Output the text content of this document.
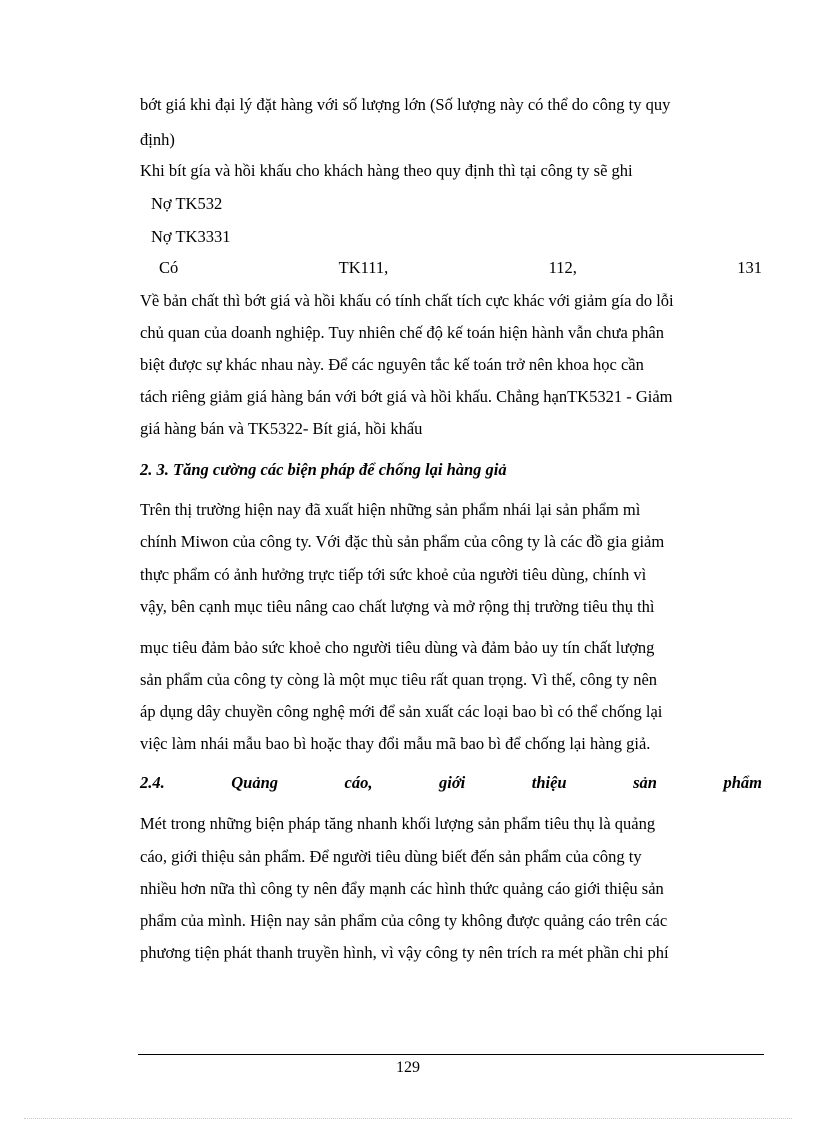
bớt giá khi đại lý đặt hàng với số lượng lớn (Số lượng này có thể do công ty quy
định)
Khi bít gía và hồi khấu cho khách hàng theo quy định thì tại công ty sẽ ghi
Nợ TK532
Nợ TK3331
Có	TK111,	112,	131
Về bản chất thì bớt giá và hồi khấu có tính chất tích cực khác với giảm gía do lỗi
chủ quan của doanh nghiệp. Tuy nhiên chế độ kế toán hiện hành vẫn chưa phân
biệt được sự khác nhau này. Để các nguyên tắc kế toán trở nên khoa học cần
tách riêng giảm giá hàng bán với bớt giá và hồi khấu. Chẳng hạnTK5321 - Giảm
giá hàng bán và TK5322- Bít giá, hồi khấu
2. 3. Tăng cường các biện pháp để chống lại hàng giả
Trên thị trường hiện nay đã xuất hiện những sản phẩm nhái lại sản phẩm mì
chính Miwon của công ty. Với đặc thù sản phẩm của công ty là các đồ gia giảm
thực phẩm có ảnh hưởng trực tiếp tới sức khoẻ của người tiêu dùng, chính vì
vậy, bên cạnh mục tiêu nâng cao chất lượng và mở rộng thị trường tiêu thụ thì
mục tiêu đảm bảo sức khoẻ cho người tiêu dùng và đảm bảo uy tín chất lượng
sản phẩm của công ty còng là một mục tiêu rất quan trọng. Vì thế, công ty nên
áp dụng dây chuyền công nghệ mới để sản xuất các loại bao bì có thể chống lại
việc làm nhái mẫu bao bì hoặc thay đổi mẫu mã bao bì để chống lại hàng giả.
2.4.	Quảng	cáo,	giới	thiệu	sản	phẩm
Mét trong những biện pháp tăng nhanh khối lượng sản phẩm tiêu thụ là quảng
cáo, giới thiệu sản phẩm. Để người tiêu dùng biết đến sản phẩm của công ty
nhiều hơn nữa thì công ty nên đẩy mạnh các hình thức quảng cáo giới thiệu sản
phẩm của mình. Hiện nay sản phẩm của công ty không được quảng cáo trên các
phương tiện phát thanh truyền hình, vì vậy công ty nên trích ra mét phần chi phí
129
